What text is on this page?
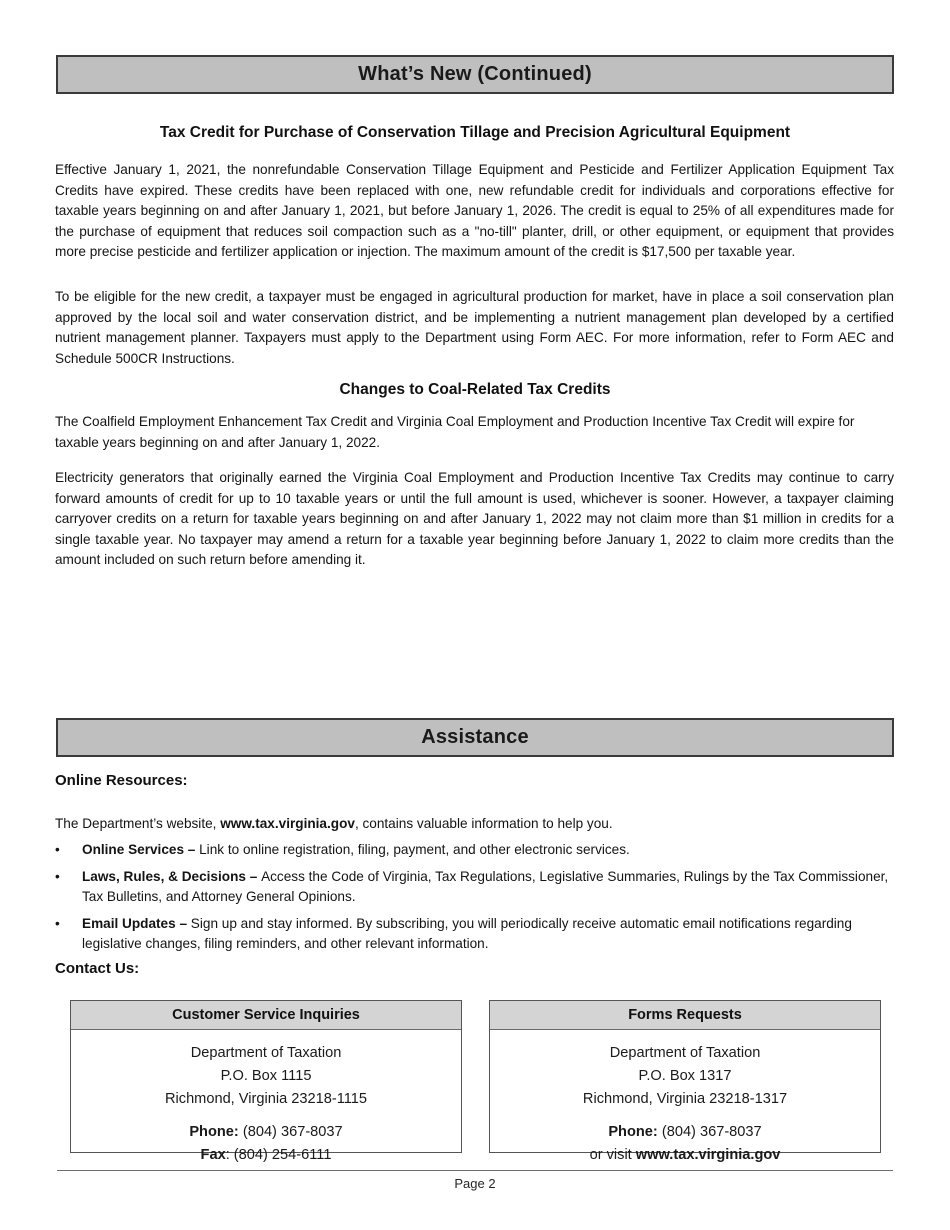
What’s New (Continued)
Tax Credit for Purchase of Conservation Tillage and Precision Agricultural Equipment
Effective January 1, 2021, the nonrefundable Conservation Tillage Equipment and Pesticide and Fertilizer Application Equipment Tax Credits have expired. These credits have been replaced with one, new refundable credit for individuals and corporations effective for taxable years beginning on and after January 1, 2021, but before January 1, 2026. The credit is equal to 25% of all expenditures made for the purchase of equipment that reduces soil compaction such as a "no-till" planter, drill, or other equipment, or equipment that provides more precise pesticide and fertilizer application or injection. The maximum amount of the credit is $17,500 per taxable year.
To be eligible for the new credit, a taxpayer must be engaged in agricultural production for market, have in place a soil conservation plan approved by the local soil and water conservation district, and be implementing a nutrient management plan developed by a certified nutrient management planner. Taxpayers must apply to the Department using Form AEC. For more information, refer to Form AEC and Schedule 500CR Instructions.
Changes to Coal-Related Tax Credits
The Coalfield Employment Enhancement Tax Credit and Virginia Coal Employment and Production Incentive Tax Credit will expire for taxable years beginning on and after January 1, 2022.
Electricity generators that originally earned the Virginia Coal Employment and Production Incentive Tax Credits may continue to carry forward amounts of credit for up to 10 taxable years or until the full amount is used, whichever is sooner. However, a taxpayer claiming carryover credits on a return for taxable years beginning on and after January 1, 2022 may not claim more than $1 million in credits for a single taxable year. No taxpayer may amend a return for a taxable year beginning before January 1, 2022 to claim more credits than the amount included on such return before amending it.
Assistance
Online Resources:
The Department’s website, www.tax.virginia.gov, contains valuable information to help you.
• Online Services – Link to online registration, filing, payment, and other electronic services.
• Laws, Rules, & Decisions – Access the Code of Virginia, Tax Regulations, Legislative Summaries, Rulings by the Tax Commissioner, Tax Bulletins, and Attorney General Opinions.
• Email Updates – Sign up and stay informed. By subscribing, you will periodically receive automatic email notifications regarding legislative changes, filing reminders, and other relevant information.
Contact Us:
Customer Service Inquiries
Department of Taxation
P.O. Box 1115
Richmond, Virginia 23218-1115
Phone: (804) 367-8037
Fax: (804) 254-6111
Forms Requests
Department of Taxation
P.O. Box 1317
Richmond, Virginia 23218-1317
Phone: (804) 367-8037
or visit www.tax.virginia.gov
Page 2
